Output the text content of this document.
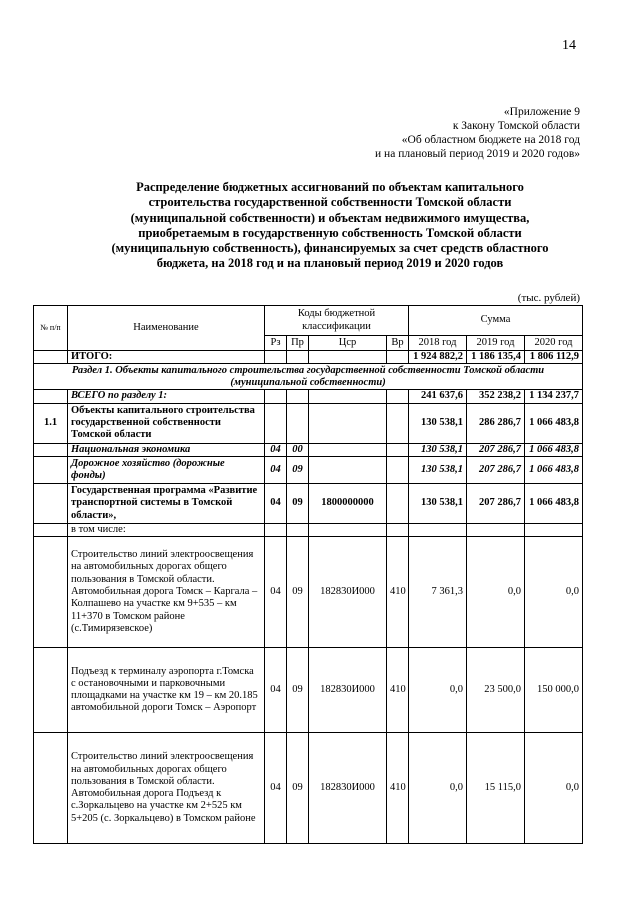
14
«Приложение 9
к Закону Томской области
«Об областном бюджете на 2018 год
и на плановый период 2019 и 2020 годов»
Распределение бюджетных ассигнований по объектам капитального
строительства государственной собственности Томской области
(муниципальной собственности) и объектам недвижимого имущества,
приобретаемым в государственную собственность Томской области
(муниципальную собственность), финансируемых за счет средств областного
бюджета, на 2018 год и на плановый период 2019 и 2020 годов
(тыс. рублей)
№ п/п	Наименование	Коды бюджетной классификации				Сумма		
		Рз	Пр	Цср	Вр	2018 год	2019 год	2020 год
	ИТОГО:					1 924 882,2	1 186 135,4	1 806 112,9
Раздел 1. Объекты капитального строительства государственной собственности Томской области (муниципальной собственности)								
	ВСЕГО по разделу 1:					241 637,6	352 238,2	1 134 237,7
1.1	Объекты капитального строительства государственной собственности Томской области					130 538,1	286 286,7	1 066 483,8
	Национальная экономика	04	00			130 538,1	207 286,7	1 066 483,8
	Дорожное хозяйство (дорожные фонды)	04	09			130 538,1	207 286,7	1 066 483,8
	Государственная программа «Развитие транспортной системы в Томской области»,	04	09	1800000000		130 538,1	207 286,7	1 066 483,8
	в том числе:							
	Строительство линий электроосвещения на автомобильных дорогах общего пользования в Томской области. Автомобильная дорога Томск – Каргала – Колпашево на участке км 9+535 – км 11+370 в Томском районе (с.Тимирязевское)	04	09	182830И000	410	7 361,3	0,0	0,0
	Подъезд к терминалу аэропорта г.Томска с остановочными и парковочными площадками на участке км 19 – км 20.185 автомобильной дороги Томск – Аэропорт	04	09	182830И000	410	0,0	23 500,0	150 000,0
	Строительство линий электроосвещения на автомобильных дорогах общего пользования в Томской области. Автомобильная дорога Подъезд к с.Зоркальцево на участке км 2+525 км 5+205 (с. Зоркальцево) в Томском районе	04	09	182830И000	410	0,0	15 115,0	0,0
